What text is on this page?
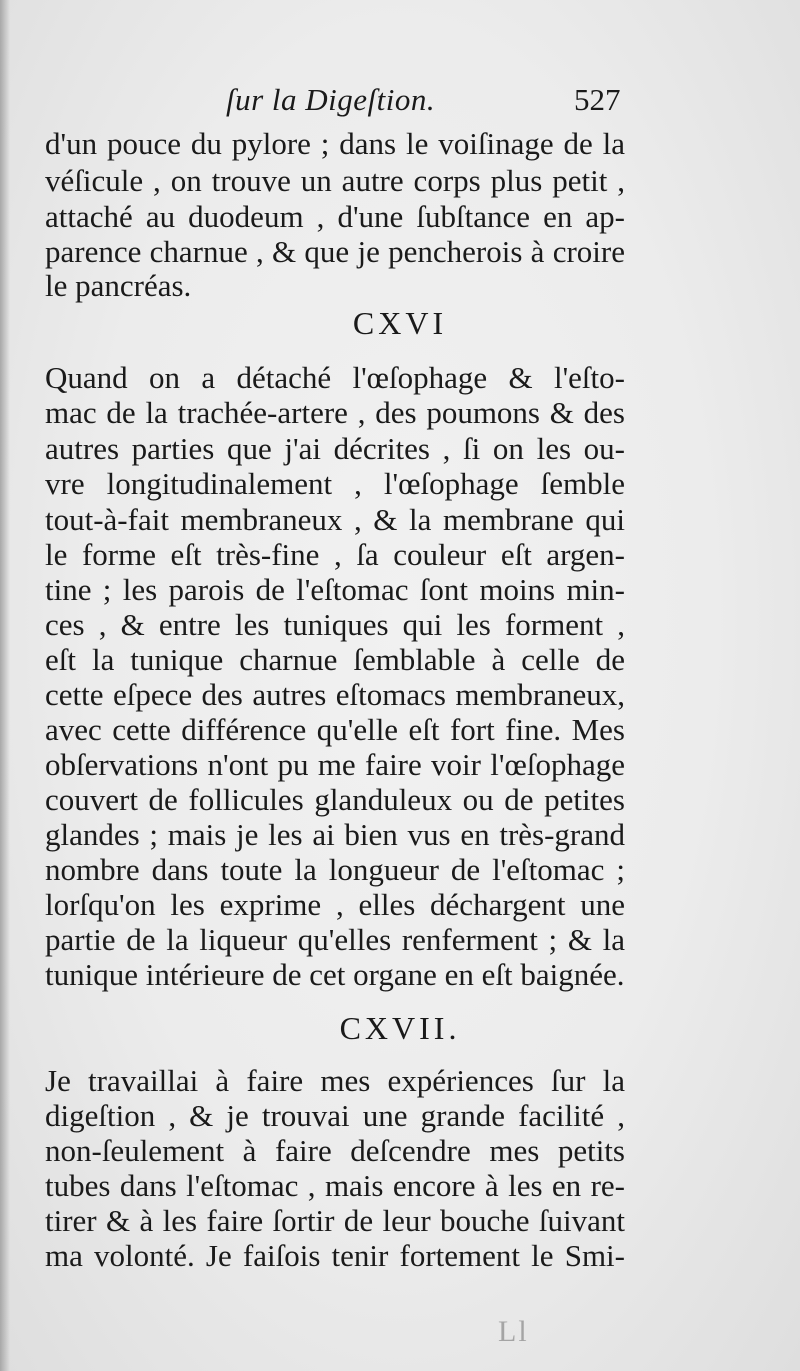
ſur la Digeſtion.	527
d'un pouce du pylore ; dans le voiſinage de la
véſicule , on trouve un autre corps plus petit ,
attaché au duodeum , d'une ſubſtance en ap-
parence charnue , & que je pencherois à croire
le pancréas.
CXVI
Quand on a détaché l'œſophage & l'eſto-
mac de la trachée-artere , des poumons & des
autres parties que j'ai décrites , ſi on les ou-
vre longitudinalement , l'œſophage ſemble
tout-à-fait membraneux , & la membrane qui
le forme eſt très-fine , ſa couleur eſt argen-
tine ; les parois de l'eſtomac ſont moins min-
ces , & entre les tuniques qui les forment ,
eſt la tunique charnue ſemblable à celle de
cette eſpece des autres eſtomacs membraneux,
avec cette différence qu'elle eſt fort fine. Mes
obſervations n'ont pu me faire voir l'œſophage
couvert de follicules glanduleux ou de petites
glandes ; mais je les ai bien vus en très-grand
nombre dans toute la longueur de l'eſtomac ;
lorſqu'on les exprime , elles déchargent une
partie de la liqueur qu'elles renferment ; & la
tunique intérieure de cet organe en eſt baignée.
CXVII.
Je travaillai à faire mes expériences ſur la
digeſtion , & je trouvai une grande facilité ,
non-ſeulement à faire deſcendre mes petits
tubes dans l'eſtomac , mais encore à les en re-
tirer & à les faire ſortir de leur bouche ſuivant
ma volonté. Je faiſois tenir fortement le Smi-
Ll
